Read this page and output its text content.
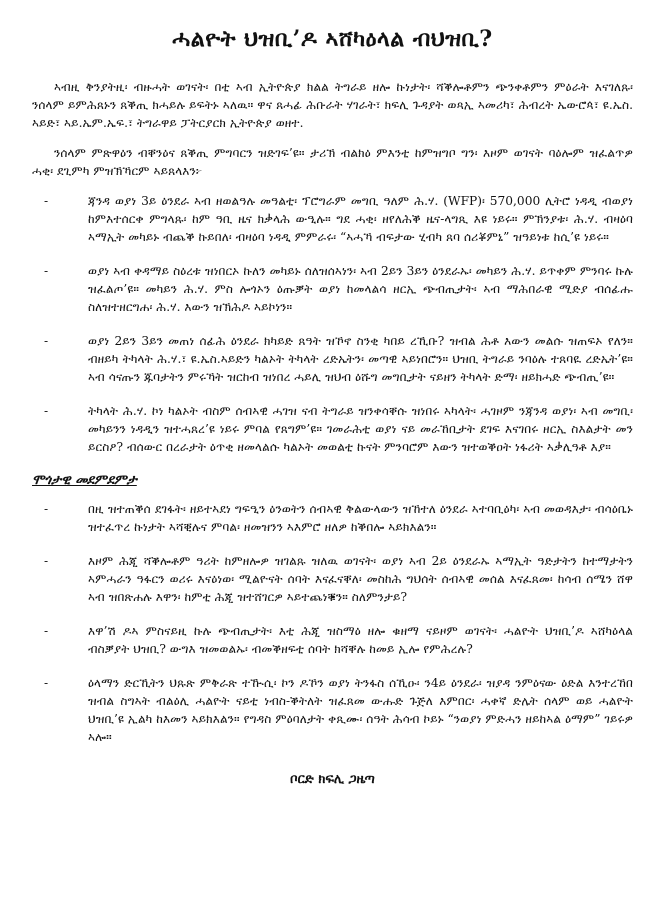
ሓልዮት ህዝቢ’ዶ ኣሸካዕላል ብህዝቢ?

ኣብዚ ቅንያትዚ፡ ብዙሓት ወገናት፡ በቲ ኣብ ኢትዮጵያ ክልል ትግራይ ዘሎ ኩነታት፡ ሻቕሎቶምን ጭንቀቶምን ምዕራት እናገለጹ፡ ንሰላም ይምሕጸኑን ጸቕጢ ክሓይሉ ይፍትኑ ኣለዉ። ዋና ጸሓፊ ሕቡራት ሃገራት፣ ክፍሊ ጉዳያት ወጻኢ ኣመሪካ፣ ሕብረት ኤውሮጳ፣ ዩ.ኤስ. ኣይድ፣ ኣይ.ኤም.ኤፍ.፣ ትግራዋይ ፓትርያርክ ኢትዮጵያ ወዘተ.

ንሰላም ምጽዋዕን ብቐንዕና ጸቕጢ ምግባርን ዝድገፍ’ዩ። ታሪኽ ብልክዕ ምእንቲ ከምዝግቦ ግን፡ እዞም ወገናት ባዕሎም ዝፈልጥዎ ሓቂ፡ ደጊምካ ምዝኽኻርም ኣይጸላእን፦

-	ጃንዳ ወያነ 3ይ ዕንደራ ኣብ ዘወልዓሉ መዓልቲ፡ ፕሮግራም መግቢ ዓለም ሕ.ሃ. (WFP)፡ 570,000 ሊትሮ ነዳዲ ብወያነ ከምእተሰርቀ ምግላጹ፡ ከም ዓቢ ዜና ክቃላሕ ውዒሉ። ግደ ሓቂ፡ ዘየለሕቕ ዜና-ላግጺ እዩ ነይሩ። ምኽንያቱ፡ ሕ.ሃ. ብዛዕባ ኣማኢት መካይኑ ብጨቕ ኩይበለ፡ ብዛዕባ ነዳዲ ምምራሩ፡ “ኣሓኻ ብፍታው ሂብካ ጸባ ሰሪቖምኒ” ዝዓይነቱ ከሲ’ዩ ነይሩ።
-	ወያነ ኣብ ቀዳማይ ስዕረቱ ዝነበርኦ ኩለን መካይኑ ሰለዝሰኣነን፡ ኣብ 2ይን 3ይን ዕንደራኡ፡ መካይን ሕ.ሃ. ይጥቀም ምንባሩ ኩሉ ዝፈልጦ’ዩ። መካይን ሕ.ሃ. ምስ ሎጎኦን ዕጡቓት ወያነ ከመላልሳ ዘርኢ ጭብጢታት፡ ኣብ ማሕበራዊ ሚድያ ብሰፊሑ ስለዝተዘርግሐ፡ ሕ.ሃ. እውን ዝኽሕዶ ኣይኮነን።
-	ወያነ 2ይን 3ይን መጠነ ሰፊሕ ዕንደራ ክካይድ ጸዓት ዝኾኖ ስንቂ ካበይ ረኺቡ? ዝብል ሕቶ እውን መልሱ ዝጠፍኦ የለን። ብዘይካ ትካላት ሕ.ሃ.፣ ዩ.ኤስ.ኣይድን ካልኦት ትካላት ረድኤትን፡ መጣዊ ኣይነበሮን። ህዝቢ ትግራይ ንባዕሉ ተጸባዪ ረድኤት’ዩ። ኣብ ሳናጡን ጁባታትን ምሩኻት ዝርከብ ዝነበረ ሓይሊ ዝህብ ዕሹግ መግቢታት ናይዘን ትካላት ድማ፡ ዘይክሓድ ጭብጢ’ዩ።
-	ትካላት ሕ.ሃ. ኮነ ካልኦት ብስም ሰብኣዊ ሓገዝ ናብ ትግራይ ዝንቀሳቐሱ ዝነበሩ ኣካላት፡ ሓገዞም ንጃንዳ ወያነ፡ ኣብ መግቢ፡ መካይንን ነዳዲን ዝተሓጸረ’ዩ ነይሩ ምባል የጸግም’ዩ። ገመራሕቲ ወያነ ናይ መራኸቢታት ደገፍ እናገበሩ ዘርኢ ስእልታት መን ይርስዖ? ብሰውር በረራታት ዕጥቂ ዘመላልሱ ካልኦት መወልቲ ኩናት ምንባሮም እውን ዝተወቕዐት ነፋሪት ኣቃሊዓቶ እያ።
ሞጎታዊ መደምደምታ
-	በዚ ዝተጠቕሰ ደገፋት፡ ዘይተኣደነ ግፍዒን ዕንወትን ሰብኣዊ ቅልውላውን ዝኸተለ ዕንደራ ኣተባቢዕካ፡ ኣብ መወዳእታ፡ ብሳዕቤኑ ዝተፈጥረ ኩነታት ኣሻቒሉና ምባል፡ ዘመዝንን ኣእምሮ ዘለዎ ከቕበሎ ኣይክእልን።
-	እዞም ሕጂ ሻቕሎቶም ዓሪት ከምዘሎዎ ዝገልጹ ዝለዉ ወገናት፡ ወያነ ኣብ 2ይ ዕንደራኡ ኣማኢት ዓድታትን ከተማታትን ኣምሓራን ዓፋርን ወሪሩ እናዕነወ፡ ሚልዮናት ሰባት እናፈናቐለ፡ መስከሕ ግህሰት ሰብኣዊ መሰል እናፈጸመ፡ ከሳብ ሰሜን ሸዋ ኣብ ዝበጽሐሉ እዋን፡ ከምቲ ሕጂ ዝተሸገርዎ ኣይተጨነቑን። ስለምንታይ?
-	እዋ’ሽ ዶኣ ምስናይዚ ኩሉ ጭብጢታት፡ እቲ ሕጂ ዝስማዕ ዘሎ ቁዘማ ናይዞም ወገናት፡ ሓልዮት ህዝቢ’ዶ ኣሸካዕላል ብስቓያት ህዝቢ? ውግእ ዝመወልኡ፡ ብመቕዘፍቲ ሰባት ክሻቐሉ ከመይ ኢሎ የምሕረሉ?
-	ዕላማን ድርኺትን ህጹጽ ምቅራጽ ተዂሲ፡ ኮን ዶኾን ወያነ ትንፋስ ሰኺዑ፡ ን4ይ ዕንደራ፡ ዝያዳ ንምዕናው ዕድል እንተረኸበ ዝብል ስግኣት ብልዕሊ ሓልዮት ናይቲ ነብስ-ቕትለት ዝፈጸመ ውሑድ ጉጅለ እምበር፡ ሓቀኛ ድሌት ሰላም ወይ ሓልዮት ህዝቢ’ዩ ኢልካ ከእመን ኣይክእልን። የግዳስ ምዕባለታት ቀጺሙ፡ ሰዓት ሕሳብ ኮይኑ “ንወያነ ምድሓን ዘይከኣል ዕማም” ገይሩዎ ኣሎ።
ቦርድ ክፍሊ ጋዜጣ
